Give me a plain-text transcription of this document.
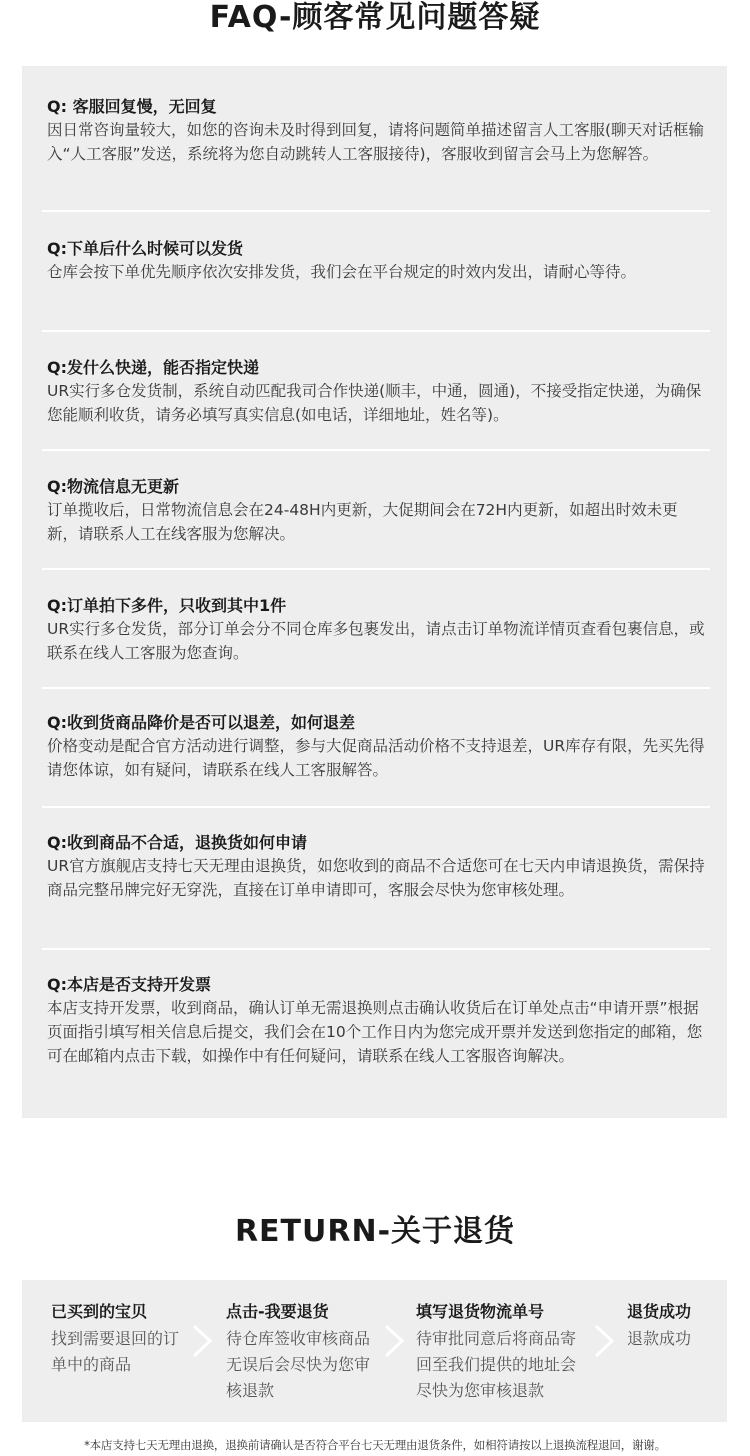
FAQ-顾客常见问题答疑
Q: 客服回复慢，无回复
因日常咨询量较大，如您的咨询未及时得到回复，请将问题简单描述留言人工客服(聊天对话框输入“人工客服”发送，系统将为您自动跳转人工客服接待)，客服收到留言会马上为您解答。
Q:下单后什么时候可以发货
仓库会按下单优先顺序依次安排发货，我们会在平台规定的时效内发出，请耐心等待。
Q:发什么快递，能否指定快递
UR实行多仓发货制，系统自动匹配我司合作快递(顺丰，中通，圆通)，不接受指定快递，为确保您能顺利收货，请务必填写真实信息(如电话，详细地址，姓名等)。
Q:物流信息无更新
订单揽收后，日常物流信息会在24-48H内更新，大促期间会在72H内更新，如超出时效未更新，请联系人工在线客服为您解决。
Q:订单拍下多件，只收到其中1件
UR实行多仓发货，部分订单会分不同仓库多包裹发出，请点击订单物流详情页查看包裹信息，或联系在线人工客服为您查询。
Q:收到货商品降价是否可以退差，如何退差
价格变动是配合官方活动进行调整，参与大促商品活动价格不支持退差，UR库存有限，先买先得请您体谅，如有疑问，请联系在线人工客服解答。
Q:收到商品不合适，退换货如何申请
UR官方旗舰店支持七天无理由退换货，如您收到的商品不合适您可在七天内申请退换货，需保持商品完整吊牌完好无穿洗，直接在订单申请即可，客服会尽快为您审核处理。
Q:本店是否支持开发票
本店支持开发票，收到商品，确认订单无需退换则点击确认收货后在订单处点击“申请开票”根据页面指引填写相关信息后提交，我们会在10个工作日内为您完成开票并发送到您指定的邮箱，您可在邮箱内点击下载，如操作中有任何疑问，请联系在线人工客服咨询解决。
RETURN-关于退货
已买到的宝贝
找到需要退回的订单中的商品
点击-我要退货
待仓库签收审核商品无误后会尽快为您审核退款
填写退货物流单号
待审批同意后将商品寄回至我们提供的地址会尽快为您审核退款
退货成功
退款成功
*本店支持七天无理由退换，退换前请确认是否符合平台七天无理由退货条件，如相符请按以上退换流程退回，谢谢。
